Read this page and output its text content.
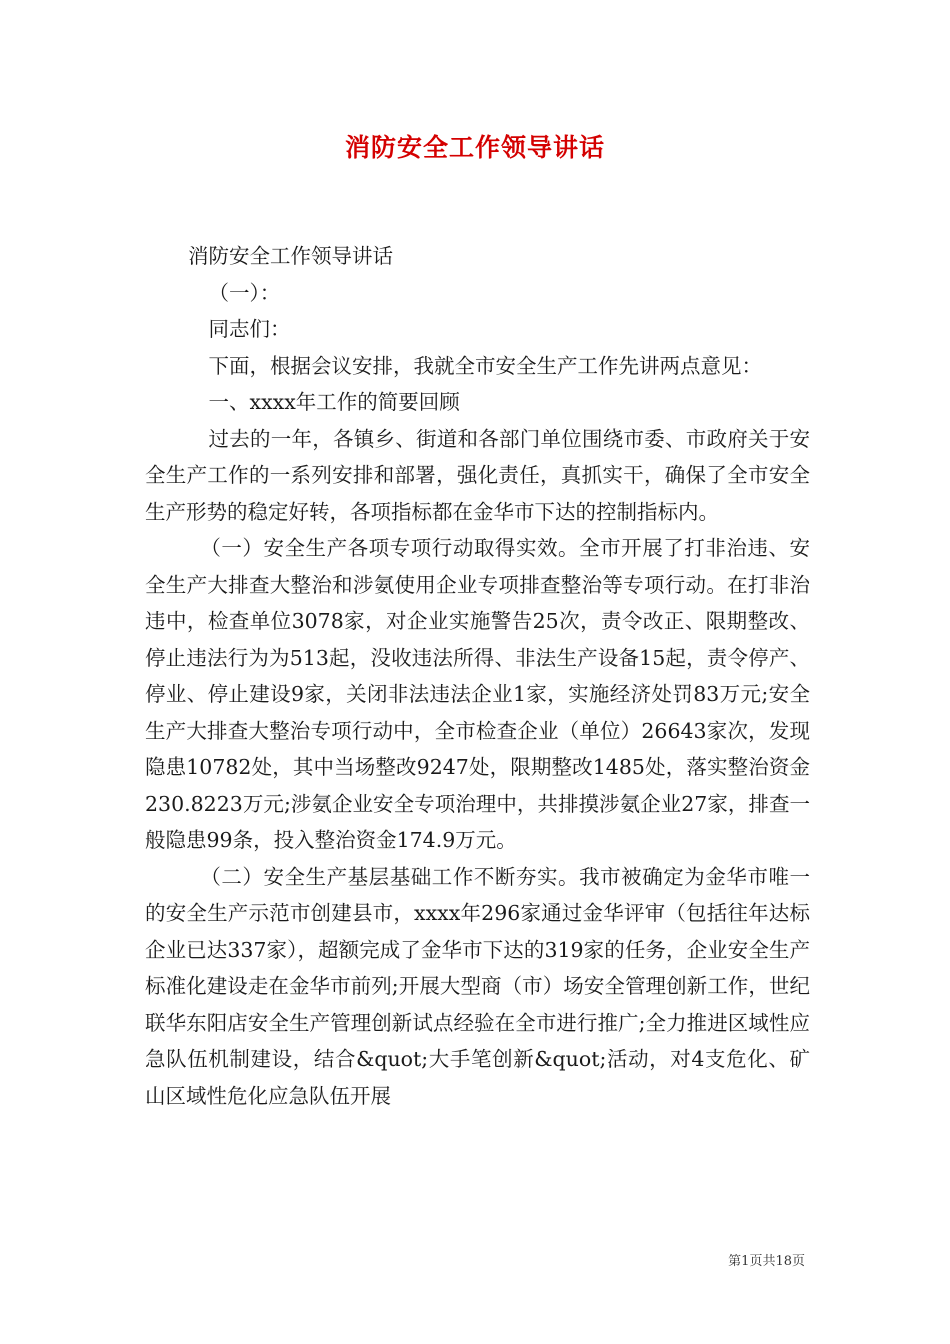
消防安全工作领导讲话

消防安全工作领导讲话

（一）：

同志们：

下面，根据会议安排，我就全市安全生产工作先讲两点意见：

一、xxxx年工作的简要回顾

过去的一年，各镇乡、街道和各部门单位围绕市委、市政府关于安全生产工作的一系列安排和部署，强化责任，真抓实干，确保了全市安全生产形势的稳定好转，各项指标都在金华市下达的控制指标内。

（一）安全生产各项专项行动取得实效。全市开展了打非治违、安全生产大排查大整治和涉氨使用企业专项排查整治等专项行动。在打非治违中，检查单位3078家，对企业实施警告25次，责令改正、限期整改、停止违法行为为513起，没收违法所得、非法生产设备15起，责令停产、停业、停止建设9家，关闭非法违法企业1家，实施经济处罚83万元;安全生产大排查大整治专项行动中，全市检查企业（单位）26643家次，发现隐患10782处，其中当场整改9247处，限期整改1485处，落实整治资金230.8223万元;涉氨企业安全专项治理中，共排摸涉氨企业27家，排查一般隐患99条，投入整治资金174.9万元。

（二）安全生产基层基础工作不断夯实。我市被确定为金华市唯一的安全生产示范市创建县市，xxxx年296家通过金华评审（包括往年达标企业已达337家），超额完成了金华市下达的319家的任务，企业安全生产标准化建设走在金华市前列;开展大型商（市）场安全管理创新工作，世纪联华东阳店安全生产管理创新试点经验在全市进行推广;全力推进区域性应急队伍机制建设，结合&quot;大手笔创新&quot;活动，对4支危化、矿山区域性危化应急队伍开展

第1页共18页
